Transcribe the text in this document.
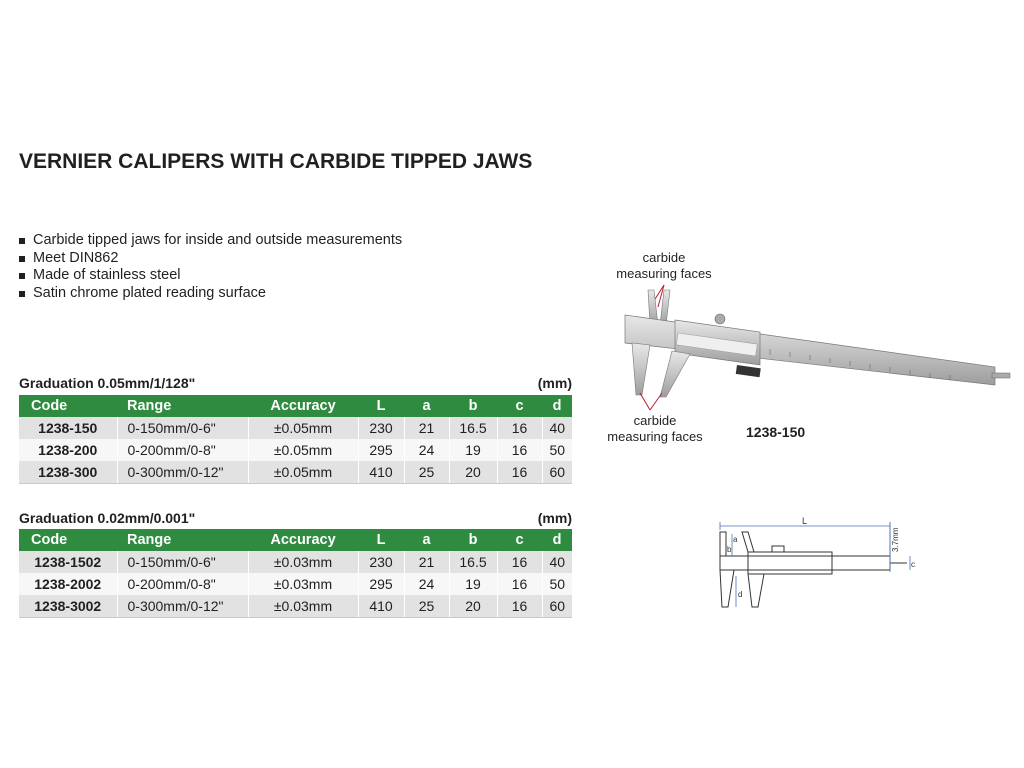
VERNIER CALIPERS WITH CARBIDE TIPPED JAWS
Carbide tipped jaws for inside and outside measurements
Meet DIN862
Made of stainless steel
Satin chrome plated reading surface
Graduation 0.05mm/1/128"	(mm)
Code	Range	Accuracy	L	a	b	c	d
1238-150	0-150mm/0-6"	±0.05mm	230	21	16.5	16	40
1238-200	0-200mm/0-8"	±0.05mm	295	24	19	16	50
1238-300	0-300mm/0-12"	±0.05mm	410	25	20	16	60
Graduation 0.02mm/0.001"	(mm)
Code	Range	Accuracy	L	a	b	c	d
1238-1502	0-150mm/0-6"	±0.03mm	230	21	16.5	16	40
1238-2002	0-200mm/0-8"	±0.03mm	295	24	19	16	50
1238-3002	0-300mm/0-12"	±0.03mm	410	25	20	16	60
carbide
measuring faces
carbide
measuring faces	1238-150
L
a
b
d
c
3.7mm
